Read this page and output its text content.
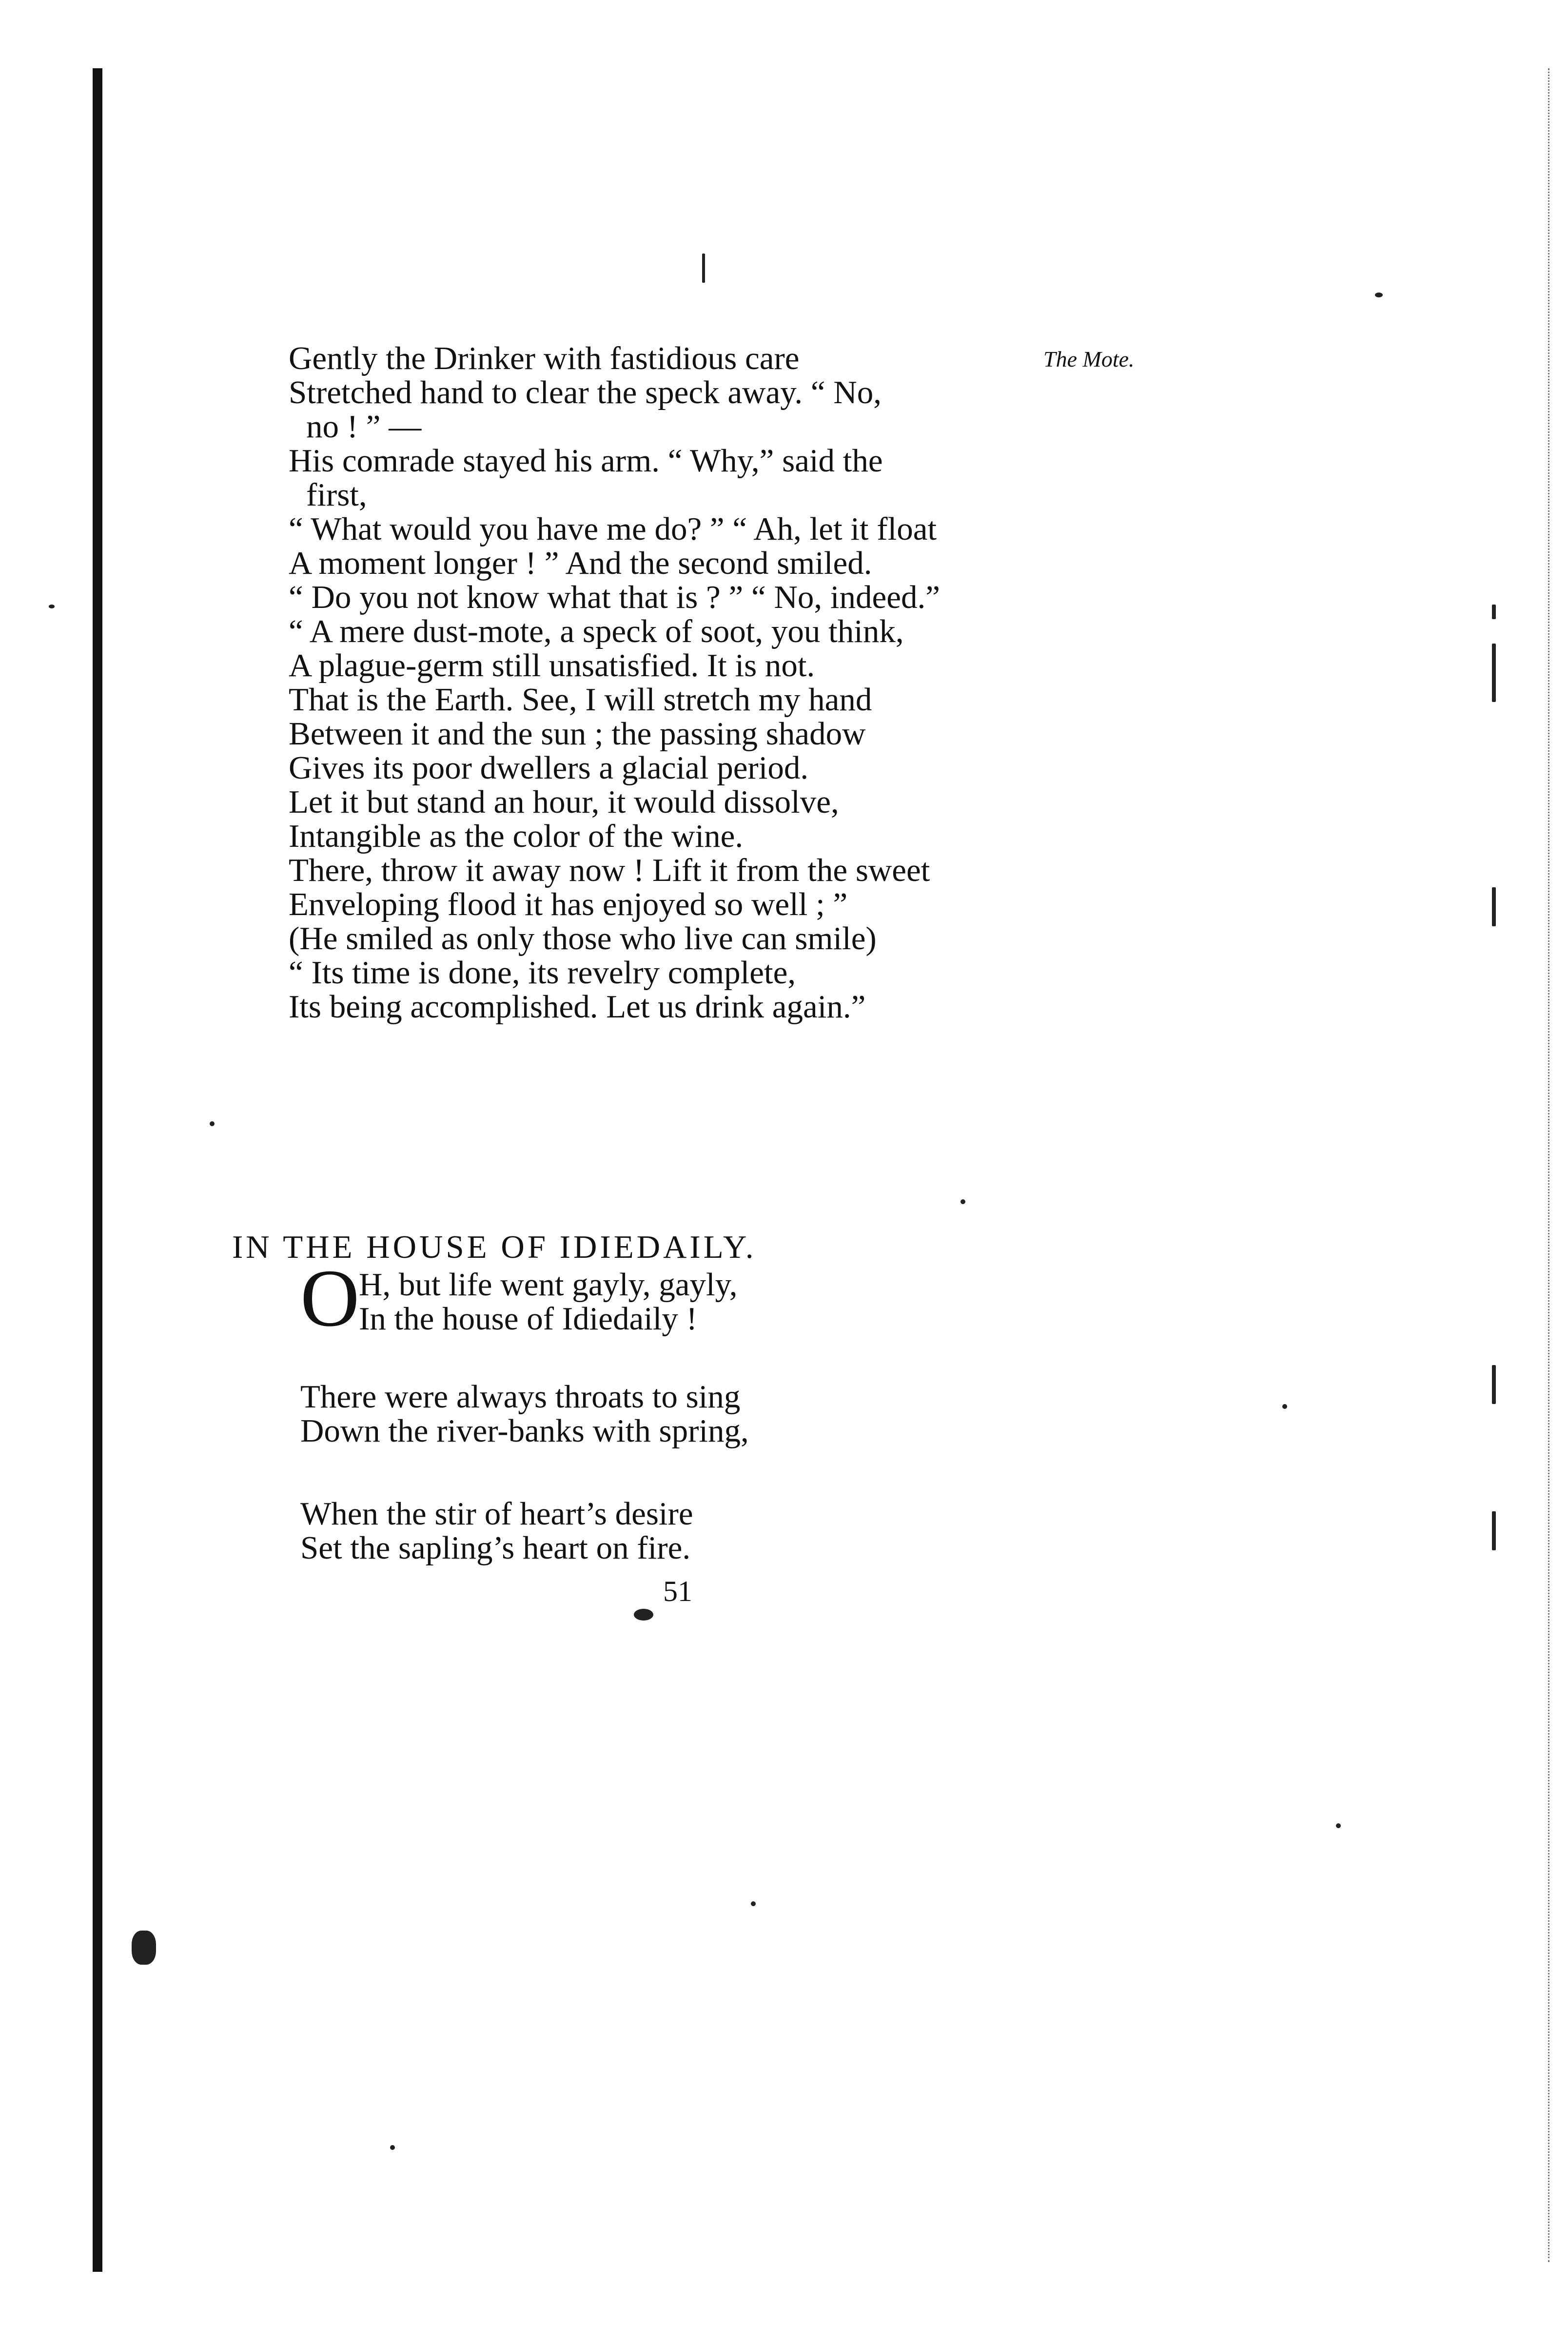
The Mote.
Gently the Drinker with fastidious care
Stretched hand to clear the speck away. “ No,
no ! ” —
His comrade stayed his arm. “ Why,” said the
first,
“ What would you have me do? ” “ Ah, let it float
A moment longer ! ” And the second smiled.
“ Do you not know what that is ? ” “ No, indeed.”
“ A mere dust-mote, a speck of soot, you think,
A plague-germ still unsatisfied. It is not.
That is the Earth. See, I will stretch my hand
Between it and the sun ; the passing shadow
Gives its poor dwellers a glacial period.
Let it but stand an hour, it would dissolve,
Intangible as the color of the wine.
There, throw it away now ! Lift it from the sweet
Enveloping flood it has enjoyed so well ; ”
(He smiled as only those who live can smile)
“ Its time is done, its revelry complete,
Its being accomplished. Let us drink again.”
IN THE HOUSE OF IDIEDAILY.
O
H, but life went gayly, gayly,
In the house of Idiedaily !
There were always throats to sing
Down the river-banks with spring,
When the stir of heart’s desire
Set the sapling’s heart on fire.
51
